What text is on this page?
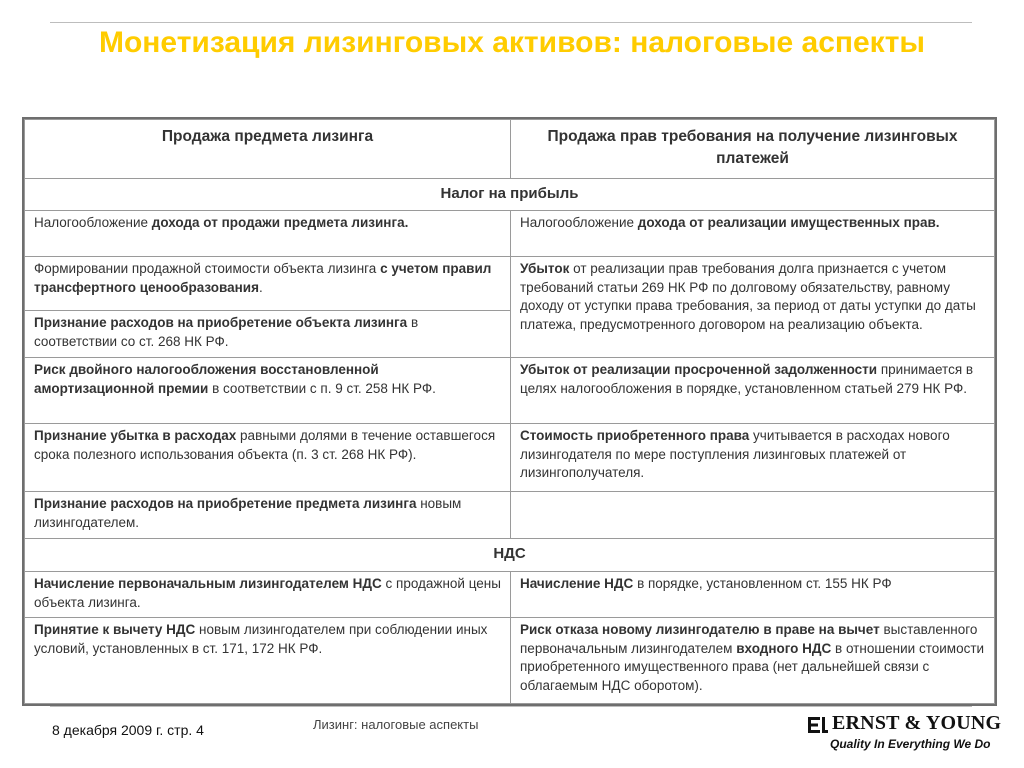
Монетизация лизинговых активов: налоговые аспекты
Продажа предмета лизинга	Продажа прав требования на получение лизинговых платежей
Налог на прибыль	
Налогообложение дохода от продажи предмета лизинга.	Налогообложение дохода от реализации имущественных прав.
Формировании продажной стоимости объекта лизинга с учетом правил трансфертного ценообразования.	Убыток от реализации прав требования долга признается с учетом требований статьи 269 НК РФ по долговому обязательству, равному доходу от уступки права требования, за период от даты уступки до даты платежа, предусмотренного договором на реализацию объекта.
Признание расходов на приобретение объекта лизинга в соответствии со ст. 268 НК РФ.	
Риск двойного налогообложения восстановленной амортизационной премии в соответствии с п. 9 ст. 258 НК РФ.	Убыток от реализации просроченной задолженности принимается в целях налогообложения в порядке, установленном статьей 279 НК РФ.
Признание убытка в расходах равными долями в течение оставшегося срока полезного использования объекта (п. 3 ст. 268 НК РФ).	Стоимость приобретенного права учитывается в расходах нового лизингодателя по мере поступления лизинговых платежей от лизингополучателя.
Признание расходов на приобретение предмета лизинга новым лизингодателем.	
НДС	
Начисление первоначальным лизингодателем НДС с продажной цены объекта лизинга.	Начисление НДС в порядке, установленном ст. 155 НК РФ
Принятие к вычету НДС новым лизингодателем при соблюдении иных условий, установленных в ст. 171, 172 НК РФ.	Риск отказа новому лизингодателю в праве на вычет выставленного первоначальным лизингодателем входного НДС в отношении стоимости приобретенного имущественного права (нет дальнейшей связи с облагаемым НДС оборотом).
8 декабря 2009 г. стр. 4	Лизинг: налоговые аспекты	ERNST & YOUNG
Quality In Everything We Do
